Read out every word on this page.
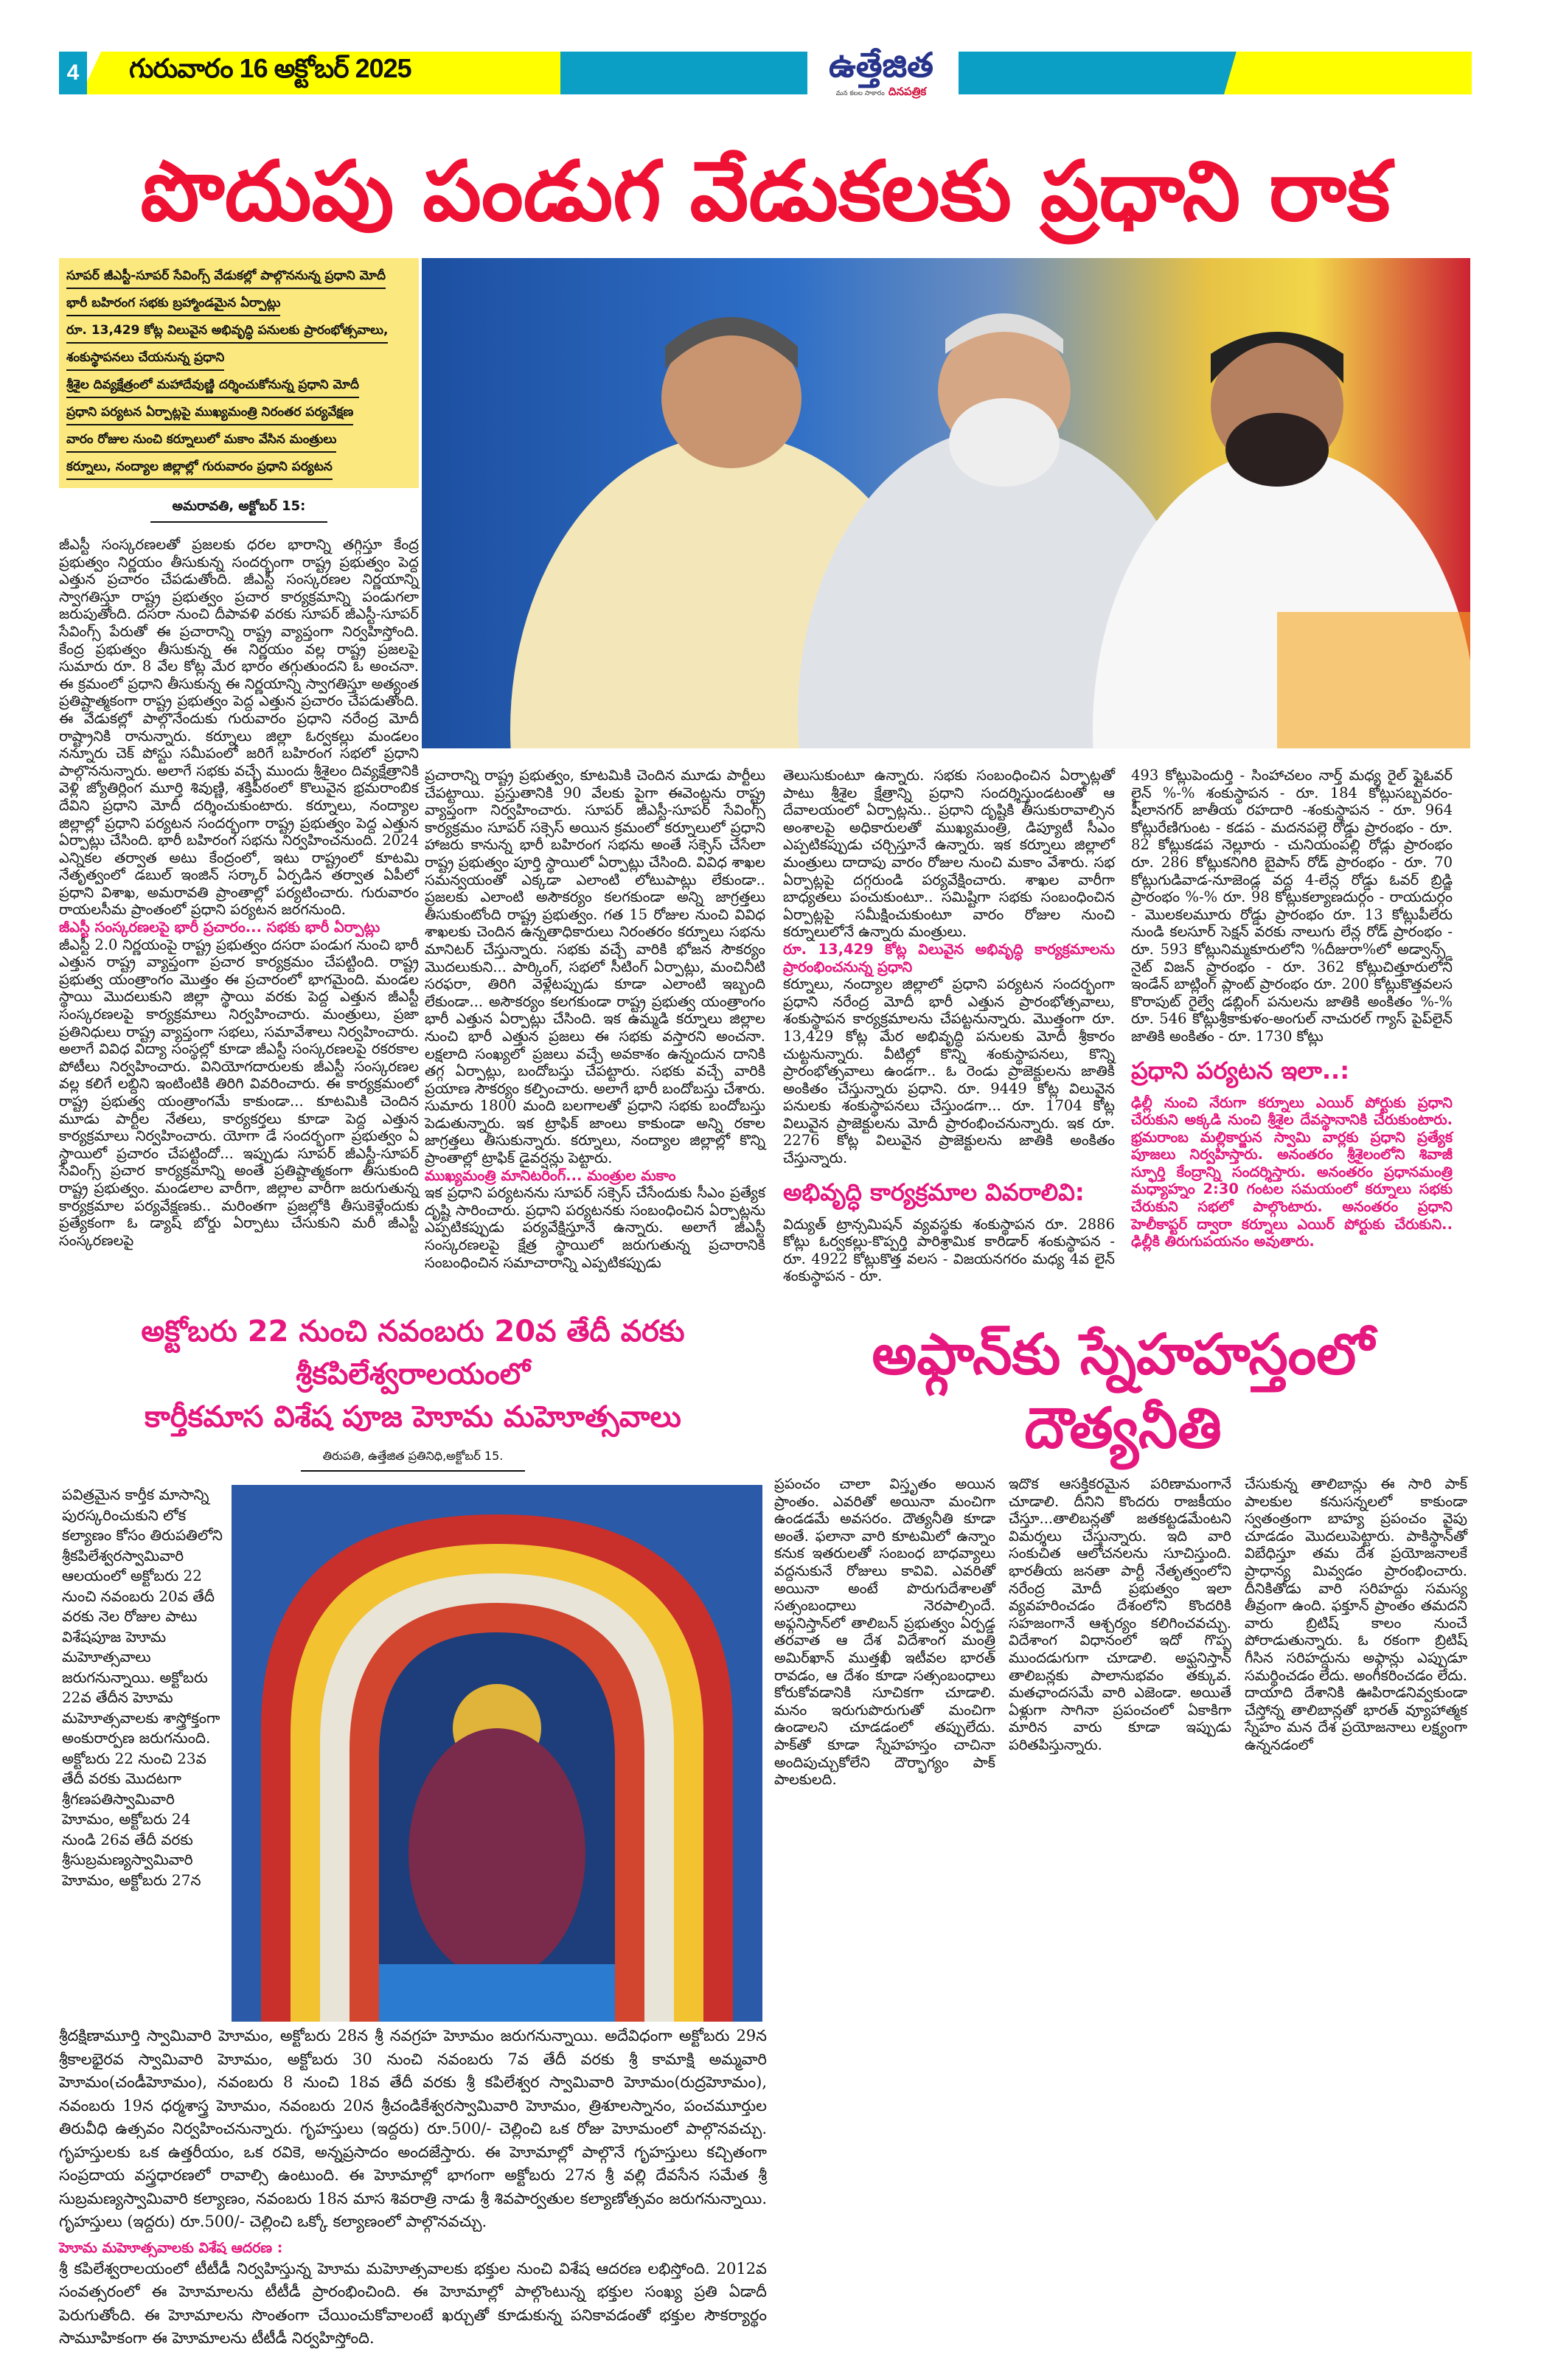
4 గురువారం 16 అక్టోబర్ 2025	ఉత్తేజిత
మన కలల సాకారం దినపత్రిక
పొదుపు పండుగ వేడుకలకు ప్రధాని రాక
సూపర్ జీఎస్టీ-సూపర్ సేవింగ్స్ వేడుకల్లో పాల్గొననున్న ప్రధాని మోదీ
భారీ బహిరంగ సభకు బ్రహ్మాండమైన ఏర్పాట్లు
రూ. 13,429 కోట్ల విలువైన అభివృద్ధి పనులకు ప్రారంభోత్సవాలు,
శంకుస్థాపనలు చేయనున్న ప్రధాని
శ్రీశైల దివ్యక్షేత్రంలో మహాదేవుణ్ణి దర్శించుకోనున్న ప్రధాని మోదీ
ప్రధాని పర్యటన ఏర్పాట్లపై ముఖ్యమంత్రి నిరంతర పర్యవేక్షణ
వారం రోజుల నుంచి కర్నూలులో మకాం వేసిన మంత్రులు
కర్నూలు, నంద్యాల జిల్లాల్లో గురువారం ప్రధాని పర్యటన
అమరావతి, అక్టోబర్ 15:

జీఎస్టీ సంస్కరణలతో ప్రజలకు ధరల భారాన్ని తగ్గిస్తూ కేంద్ర ప్రభుత్వం నిర్ణయం తీసుకున్న సందర్భంగా రాష్ట్ర ప్రభుత్వం పెద్ద ఎత్తున ప్రచారం చేపడుతోంది. జీఎస్టీ సంస్కరణల నిర్ణయాన్ని స్వాగతిస్తూ రాష్ట్ర ప్రభుత్వం ప్రచార కార్యక్రమాన్ని పండుగలా జరుపుతోంది. దసరా నుంచి దీపావళి వరకు సూపర్ జీఎస్టీ-సూపర్ సేవింగ్స్ పేరుతో ఈ ప్రచారాన్ని రాష్ట్ర వ్యాప్తంగా నిర్వహిస్తోంది. కేంద్ర ప్రభుత్వం తీసుకున్న ఈ నిర్ణయం వల్ల రాష్ట్ర ప్రజలపై సుమారు రూ. 8 వేల కోట్ల మేర భారం తగ్గుతుందని ఓ అంచనా. ఈ క్రమంలో ప్రధాని తీసుకున్న ఈ నిర్ణయాన్ని స్వాగతిస్తూ అత్యంత ప్రతిష్టాత్మకంగా రాష్ట్ర ప్రభుత్వం పెద్ద ఎత్తున ప్రచారం చేపడుతోంది. ఈ వేడుకల్లో పాల్గొనేందుకు గురువారం ప్రధాని నరేంద్ర మోదీ రాష్ట్రానికి రానున్నారు. కర్నూలు జిల్లా ఓర్వకల్లు మండలం నన్నూరు చెక్ పోస్టు సమీపంలో జరిగే బహిరంగ సభలో ప్రధాని పాల్గొననున్నారు. అలాగే సభకు వచ్చే ముందు శ్రీశైలం దివ్యక్షేత్రానికి వెళ్లి జ్యోతిర్లింగ మూర్తి శివుణ్ణి, శక్తిపీఠంలో కొలువైన భ్రమరాంబిక దేవిని ప్రధాని మోదీ దర్శించుకుంటారు. కర్నూలు, నంద్యాల జిల్లాల్లో ప్రధాని పర్యటన సందర్భంగా రాష్ట్ర ప్రభుత్వం పెద్ద ఎత్తున ఏర్పాట్లు చేసింది. భారీ బహిరంగ సభను నిర్వహించనుంది. 2024 ఎన్నికల తర్వాత అటు కేంద్రంలో, ఇటు రాష్ట్రంలో కూటమి నేతృత్వంలో డబుల్ ఇంజిన్ సర్కార్ ఏర్పడిన తర్వాత ఏపీలో ప్రధాని విశాఖ, అమరావతి ప్రాంతాల్లో పర్యటించారు. గురువారం రాయలసీమ ప్రాంతంలో ప్రధాని పర్యటన జరగనుంది.

జీఎస్టీ సంస్కరణలపై భారీ ప్రచారం... సభకు భారీ ఏర్పాట్లు

జీఎస్టీ 2.0 నిర్ణయంపై రాష్ట్ర ప్రభుత్వం దసరా పండుగ నుంచి భారీ ఎత్తున రాష్ట్ర వ్యాప్తంగా ప్రచార కార్యక్రమం చేపట్టింది. రాష్ట్ర ప్రభుత్వ యంత్రాంగం మొత్తం ఈ ప్రచారంలో భాగమైంది. మండల స్థాయి మొదలుకుని జిల్లా స్థాయి వరకు పెద్ద ఎత్తున జీఎస్టీ సంస్కరణలపై కార్యక్రమాలు నిర్వహించారు. మంత్రులు, ప్రజా ప్రతినిధులు రాష్ట్ర వ్యాప్తంగా సభలు, సమావేశాలు నిర్వహించారు. అలాగే వివిధ విద్యా సంస్థల్లో కూడా జీఎస్టీ సంస్కరణలపై రకరకాల పోటీలు నిర్వహించారు. వినియోగదారులకు జీఎస్టీ సంస్కరణల వల్ల కలిగే లబ్దిని ఇంటింటికి తిరిగి వివరించారు. ఈ కార్యక్రమంలో రాష్ట్ర ప్రభుత్వ యంత్రాంగమే కాకుండా... కూటమికి చెందిన మూడు పార్టీల నేతలు, కార్యకర్తలు కూడా పెద్ద ఎత్తున కార్యక్రమాలు నిర్వహించారు. యోగా డే సందర్భంగా ప్రభుత్వం ఏ స్థాయిలో ప్రచారం చేపట్టిందో... ఇప్పుడు సూపర్ జీఎస్టీ-సూపర్ సేవింగ్స్ ప్రచార కార్యక్రమాన్ని అంతే ప్రతిష్టాత్మకంగా తీసుకుంది రాష్ట్ర ప్రభుత్వం. మండలాల వారీగా, జిల్లాల వారీగా జరుగుతున్న కార్యక్రమాల పర్యవేక్షణకు.. మరింతగా ప్రజల్లోకి తీసుకెళ్లేందుకు ప్రత్యేకంగా ఓ డ్యాష్ బోర్డు ఏర్పాటు చేసుకుని మరీ జీఎస్టీ సంస్కరణలపై

ప్రచారాన్ని రాష్ట్ర ప్రభుత్వం, కూటమికి చెందిన మూడు పార్టీలు చేపట్టాయి. ప్రస్తుతానికి 90 వేలకు పైగా ఈవెంట్లను రాష్ట్ర వ్యాప్తంగా నిర్వహించారు. సూపర్ జీఎస్టీ-సూపర్ సేవింగ్స్ కార్యక్రమం సూపర్ సక్సెస్ అయిన క్రమంలో కర్నూలులో ప్రధాని హాజరు కానున్న భారీ బహిరంగ సభను అంతే సక్సెస్ చేసేలా రాష్ట్ర ప్రభుత్వం పూర్తి స్థాయిలో ఏర్పాట్లు చేసింది. వివిధ శాఖల సమన్వయంతో ఎక్కడా ఎలాంటి లోటుపాట్లు లేకుండా.. ప్రజలకు ఎలాంటి అసౌకర్యం కలగకుండా అన్ని జాగ్రత్తలు తీసుకుంటోంది రాష్ట్ర ప్రభుత్వం. గత 15 రోజుల నుంచి వివిధ శాఖలకు చెందిన ఉన్నతాధికారులు నిరంతరం కర్నూలు సభను మానిటర్ చేస్తున్నారు. సభకు వచ్చే వారికి భోజన సౌకర్యం మొదలుకుని... పార్కింగ్, సభలో సీటింగ్ ఏర్పాట్లు, మంచినీటి సరఫరా, తిరిగి వెళ్లేటప్పుడు కూడా ఎలాంటి ఇబ్బంది లేకుండా... అసౌకర్యం కలగకుండా రాష్ట్ర ప్రభుత్వ యంత్రాంగం భారీ ఎత్తున ఏర్పాట్లు చేసింది. ఇక ఉమ్మడి కర్నూలు జిల్లాల నుంచి భారీ ఎత్తున ప్రజలు ఈ సభకు వస్తారని అంచనా. లక్షలాది సంఖ్యలో ప్రజలు వచ్చే అవకాశం ఉన్నందున దానికి తగ్గ ఏర్పాట్లు, బందోబస్తు చేపట్టారు. సభకు వచ్చే వారికి ప్రయాణ సౌకర్యం కల్పించారు. అలాగే భారీ బందోబస్తు చేశారు. సుమారు 1800 మంది బలగాలతో ప్రధాని సభకు బందోబస్తు పెడుతున్నారు. ఇక ట్రాఫిక్ జాంలు కాకుండా అన్ని రకాల జాగ్రత్తలు తీసుకున్నారు. కర్నూలు, నంద్యాల జిల్లాల్లో కొన్ని ప్రాంతాల్లో ట్రాఫిక్ డైవర్షన్లు పెట్టారు.

ముఖ్యమంత్రి మానిటరింగ్... మంత్రుల మకాం

ఇక ప్రధాని పర్యటనను సూపర్ సక్సెస్ చేసేందుకు సీఎం ప్రత్యేక దృష్టి సారించారు. ప్రధాని పర్యటనకు సంబంధించిన ఏర్పాట్లను ఎప్పటికప్పుడు పర్యవేక్షిస్తూనే ఉన్నారు. అలాగే జీఎస్టీ సంస్కరణలపై క్షేత్ర స్థాయిలో జరుగుతున్న ప్రచారానికి సంబంధించిన సమాచారాన్ని ఎప్పటికప్పుడు

తెలుసుకుంటూ ఉన్నారు. సభకు సంబంధించిన ఏర్పాట్లతో పాటు శ్రీశైల క్షేత్రాన్ని ప్రధాని సందర్శిస్తుండటంతో ఆ దేవాలయంలో ఏర్పాట్లను.. ప్రధాని దృష్టికి తీసుకురావాల్సిన అంశాలపై అధికారులతో ముఖ్యమంత్రి, డిప్యూటీ సీఎం ఎప్పటికప్పుడు చర్చిస్తూనే ఉన్నారు. ఇక కర్నూలు జిల్లాలో మంత్రులు దాదాపు వారం రోజుల నుంచి మకాం వేశారు. సభ ఏర్పాట్లపై దగ్గరుండి పర్యవేక్షించారు. శాఖల వారీగా బాధ్యతలు పంచుకుంటూ.. సమిష్టిగా సభకు సంబంధించిన ఏర్పాట్లపై సమీక్షించుకుంటూ వారం రోజుల నుంచి కర్నూలులోనే ఉన్నారు మంత్రులు.

రూ. 13,429 కోట్ల విలువైన అభివృద్ధి కార్యక్రమాలను ప్రారంభించనున్న ప్రధాని

కర్నూలు, నంద్యాల జిల్లాలో ప్రధాని పర్యటన సందర్భంగా ప్రధాని నరేంద్ర మోదీ భారీ ఎత్తున ప్రారంభోత్సవాలు, శంకుస్థాపన కార్యక్రమాలను చేపట్టనున్నారు. మొత్తంగా రూ. 13,429 కోట్ల మేర అభివృద్ధి పనులకు మోదీ శ్రీకారం చుట్టనున్నారు. వీటిల్లో కొన్ని శంకుస్థాపనలు, కొన్ని ప్రారంభోత్సవాలు ఉండగా.. ఓ రెండు ప్రాజెక్టులను జాతికి అంకితం చేస్తున్నారు ప్రధాని. రూ. 9449 కోట్ల విలువైన పనులకు శంకుస్థాపనలు చేస్తుండగా... రూ. 1704 కోట్ల విలువైన ప్రాజెక్టులను మోదీ ప్రారంభించనున్నారు. ఇక రూ. 2276 కోట్ల విలువైన ప్రాజెక్టులను జాతికి అంకితం చేస్తున్నారు.

అభివృద్ధి కార్యక్రమాల వివరాలివి:

విద్యుత్ ట్రాన్సమిషన్ వ్యవస్థకు శంకుస్థాపన రూ. 2886 కోట్లు ఓర్వకల్లు-కొప్పర్తి పారిశ్రామిక కారిడార్ శంకుస్థాపన - రూ. 4922 కోట్లుకొత్త వలస - విజయనగరం మధ్య 4వ లైన్ శంకుస్థాపన - రూ.

493 కోట్లుపెందుర్తి - సింహాచలం నార్త్ మధ్య రైల్ ఫ్లైఓవర్ లైన్ %-% శంకుస్థాపన - రూ. 184 కోట్లుసబ్బవరం-షీలానగర్ జాతీయ రహదారి -శంకుస్థాపన - రూ. 964 కోట్లురేణిగుంట - కడప - మదనపల్లె రోడ్డు ప్రారంభం - రూ. 82 కోట్లుకడప నెల్లూరు - చునియంపల్లి రోడ్లు ప్రారంభం రూ. 286 కోట్లుకనిగిరి బైపాస్ రోడ్ ప్రారంభం - రూ. 70 కోట్లుగుడివాడ-నూజెండ్ల వద్ద 4-లేన్ల రోడ్డు ఓవర్ బ్రిడ్జి ప్రారంభం %-% రూ. 98 కోట్లుకల్యాణదుర్గం - రాయదుర్గం - మొలకలమూరు రోడ్డు ప్రారంభం రూ. 13 కోట్లుపీలేరు నుండి కలసూర్ సెక్షన్ వరకు నాలుగు లేన్ల రోడ్ ప్రారంభం - రూ. 593 కోట్లునిమ్మకూరులోని %దీజురా%లో అడ్వాన్స్డ్ నైట్ విజన్ ప్రారంభం - రూ. 362 కోట్లుచిత్తూరులోని ఇండేన్ బాట్లింగ్ ప్లాంట్ ప్రారంభం రూ. 200 కోట్లుకొత్తవలస కొరాపుట్ రైల్వే డబ్లింగ్ పనులను జాతికి అంకితం %-% రూ. 546 కోట్లుశ్రీకాకుళం-అంగుల్ నాచురల్ గ్యాస్ పైప్‌లైన్ జాతికి అంకితం - రూ. 1730 కోట్లు

ప్రధాని పర్యటన ఇలా..:

ఢిల్లీ నుంచి నేరుగా కర్నూలు ఎయిర్ పోర్టుకు ప్రధాని చేరుకుని అక్కడి నుంచి శ్రీశైల దేవస్థానానికి చేరుకుంటారు. భ్రమరాంబ మల్లికార్జున స్వామి వార్లకు ప్రధాని ప్రత్యేక పూజలు నిర్వహిస్తారు. అనంతరం శ్రీశైలంలోని శివాజీ స్ఫూర్తి కేంద్రాన్ని సందర్శిస్తారు. అనంతరం ప్రధానమంత్రి మధ్యాహ్నం 2:30 గంటల సమయంలో కర్నూలు సభకు చేరుకుని సభలో పాల్గొంటారు. అనంతరం ప్రధాని హెలీకాప్టర్ ద్వారా కర్నూలు ఎయిర్ పోర్టుకు చేరుకుని.. ఢిల్లీకి తిరుగుపయనం అవుతారు.

అక్టోబరు 22 నుంచి నవంబరు 20వ తేదీ వరకు శ్రీకపిలేశ్వరాలయంలో
కార్తీకమాస విశేష పూజ హెూమ మహెూత్సవాలు
తిరుపతి, ఉత్తేజిత ప్రతినిధి,అక్టోబర్ 15.
పవిత్రమైన కార్తీక మాసాన్ని పురస్కరించుకుని లోక కల్యాణం కోసం తిరుపతిలోని శ్రీకపిలేశ్వరస్వామివారి ఆలయంలో అక్టోబరు 22 నుంచి నవంబరు 20వ తేదీ వరకు నెల రోజుల పాటు విశేషపూజ హెూమ మహెూత్సవాలు జరుగనున్నాయి. అక్టోబరు 22వ తేదీన హెూమ మహెూత్సవాలకు శాస్త్రోక్తంగా అంకురార్పణ జరుగనుంది. అక్టోబరు 22 నుంచి 23వ తేదీ వరకు మొదటగా శ్రీగణపతిస్వామివారి హెూమం, అక్టోబరు 24 నుండి 26వ తేదీ వరకు శ్రీసుబ్రమణ్యస్వామివారి హెూమం, అక్టోబరు 27న
శ్రీదక్షిణామూర్తి స్వామివారి హెూమం, అక్టోబరు 28న శ్రీ నవగ్రహ హెూమం జరుగనున్నాయి. అదేవిధంగా అక్టోబరు 29న శ్రీకాలభైరవ స్వామివారి హెూమం, అక్టోబరు 30 నుంచి నవంబరు 7వ తేదీ వరకు శ్రీ కామాక్షి అమ్మవారి హెూమం(చండీహెూమం), నవంబరు 8 నుంచి 18వ తేదీ వరకు శ్రీ కపిలేశ్వర స్వామివారి హెూమం(రుద్రహెూమం), నవంబరు 19న ధర్మశాస్త్ర హెూమం, నవంబరు 20న శ్రీచండికేశ్వరస్వామివారి హెూమం, త్రిశూలస్నానం, పంచమూర్తుల తిరువీధి ఉత్సవం నిర్వహించనున్నారు. గృహస్తులు (ఇద్దరు) రూ.500/- చెల్లించి ఒక రోజు హెూమంలో పాల్గొనవచ్చు. గృహస్తులకు ఒక ఉత్తరీయం, ఒక రవికె, అన్నప్రసాదం అందజేస్తారు. ఈ హెూమాల్లో పాల్గొనే గృహస్తులు కచ్చితంగా సంప్రదాయ వస్త్రధారణలో రావాల్సి ఉంటుంది. ఈ హెూమాల్లో భాగంగా అక్టోబరు 27న శ్రీ వల్లి దేవసేన సమేత శ్రీ సుబ్రమణ్యస్వామివారి కల్యాణం, నవంబరు 18న మాస శివరాత్రి నాడు శ్రీ శివపార్వతుల కల్యాణోత్సవం జరుగనున్నాయి. గృహస్తులు (ఇద్దరు) రూ.500/- చెల్లించి ఒక్కో కల్యాణంలో పాల్గొనవచ్చు.
హెూమ మహెూత్సవాలకు విశేష ఆదరణ :
శ్రీ కపిలేశ్వరాలయంలో టీటీడీ నిర్వహిస్తున్న హెూమ మహెూత్సవాలకు భక్తుల నుంచి విశేష ఆదరణ లభిస్తోంది. 2012వ సంవత్సరంలో ఈ హెూమాలను టీటీడీ ప్రారంభించింది. ఈ హెూమాల్లో పాల్గొంటున్న భక్తుల సంఖ్య ప్రతి ఏడాదీ పెరుగుతోంది. ఈ హెూమాలను సొంతంగా చేయించుకోవాలంటే ఖర్చుతో కూడుకున్న పనికావడంతో భక్తుల సౌకర్యార్థం సామూహికంగా ఈ హెూమాలను టీటీడీ నిర్వహిస్తోంది.
అఫ్గాన్‌కు స్నేహహస్తంలో దౌత్యనీతి
ప్రపంచం చాలా విస్తృతం అయిన ప్రాంతం. ఎవరితో అయినా మంచిగా ఉండడమే అవసరం. దౌత్యనీతి కూడా అంతే. ఫలానా వారి కూటమిలో ఉన్నాం కనుక ఇతరులతో సంబంధ బాధవ్యాలు వద్దనుకునే రోజులు కావివి. ఎవరితో అయినా అంటే పొరుగుదేశాలతో సత్సంబంధాలు నెరపాల్సిందే. అఫ్గనిస్తాన్‌లో తాలిబన్ ప్రభుత్వం ఏర్పడ్డ తరవాత ఆ దేశ విదేశాంగ మంత్రి అమిర్‌ఖాన్ ముత్తఖీ ఇటీవల భారత్ రావడం, ఆ దేశం కూడా సత్సంబంధాలు కోరుకోవడానికి సూచికగా చూడాలి. మనం ఇరుగుపొరుగుతో మంచిగా ఉండాలని చూడడంలో తప్పులేదు. పాక్‌తో కూడా స్నేహహస్తం చాచినా అందిపుచ్చుకోలేని దౌర్భాగ్యం పాక్ పాలకులది.
ఇదొక ఆసక్తికరమైన పరిణామంగానే చూడాలి. దీనిని కొందరు రాజకీయం చేస్తూ...తాలిబన్లతో జతకట్టడమేంటని విమర్శలు చేస్తున్నారు. ఇది వారి సంకుచిత ఆలోచనలను సూచిస్తుంది. భారతీయ జనతా పార్టీ నేతృత్వంలోని నరేంద్ర మోదీ ప్రభుత్వం ఇలా వ్యవహరించడం దేశంలోని కొందరికి సహజంగానే ఆశ్చర్యం కలిగించవచ్చు. విదేశాంగ విధానంలో ఇదో గొప్ప ముందడుగుగా చూడాలి. అఫ్ఘనిస్తాన్ తాలిబన్లకు పాలానుభవం తక్కువ. మతఛాందసమే వారి ఎజెండా. అయితే ఏళ్లుగా సాగినా ప్రపంచంలో ఏకాకిగా మారిన వారు కూడా ఇప్పుడు పరితపిస్తున్నారు.
చేసుకున్న తాలిబాన్లు ఈ సారి పాక్ పాలకుల కనుసన్నలలో కాకుండా స్వతంత్రంగా బాహ్య ప్రపంచం వైపు చూడడం మొదలుపెట్టారు. పాకిస్థాన్‌తో విబేధిస్తూ తమ దేశ ప్రయోజనాలకే ప్రాధాన్య మివ్వడం ప్రారంభించారు. దీనికితోడు వారి సరిహద్దు సమస్య తీవ్రంగా ఉంది. ఫక్తూన్ ప్రాంతం తమదని వారు బ్రిటిష్ కాలం నుంచే పోరాడుతున్నారు. ఓ రకంగా బ్రిటిష్ గీసిన సరిహద్దును అఫ్గాన్లు ఎప్పుడూ సమర్థించడం లేదు. అంగీకరించడం లేదు. దాయాది దేశానికి ఊపిరాడనివ్వకుండా చేస్తోన్న తాలిబాన్లతో భారత్ వ్యూహాత్మక స్నేహం మన దేశ ప్రయోజనాలు లక్ష్యంగా ఉన్ననడంలో
